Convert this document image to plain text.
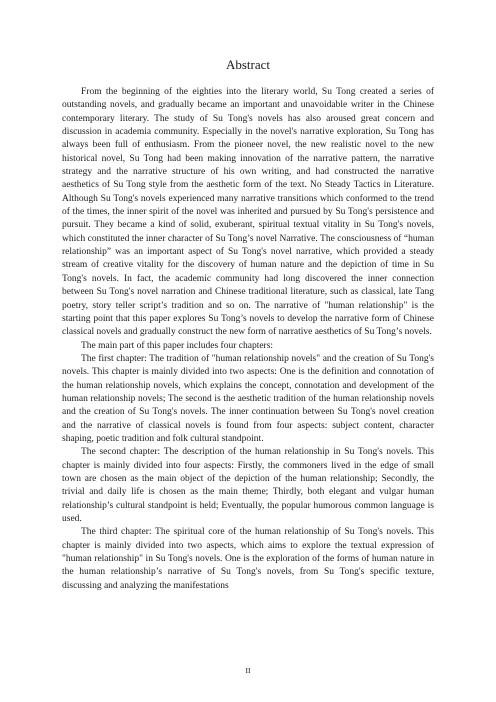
Abstract

From the beginning of the eighties into the literary world, Su Tong created a series of outstanding novels, and gradually became an important and unavoidable writer in the Chinese contemporary literary. The study of Su Tong's novels has also aroused great concern and discussion in academia community. Especially in the novel's narrative exploration, Su Tong has always been full of enthusiasm. From the pioneer novel, the new realistic novel to the new historical novel, Su Tong had been making innovation of the narrative pattern, the narrative strategy and the narrative structure of his own writing, and had constructed the narrative aesthetics of Su Tong style from the aesthetic form of the text. No Steady Tactics in Literature. Although Su Tong's novels experienced many narrative transitions which conformed to the trend of the times, the inner spirit of the novel was inherited and pursued by Su Tong's persistence and pursuit. They became a kind of solid, exuberant, spiritual textual vitality in Su Tong's novels, which constituted the inner character of Su Tong’s novel Narrative. The consciousness of “human relationship” was an important aspect of Su Tong's novel narrative, which provided a steady stream of creative vitality for the discovery of human nature and the depiction of time in Su Tong's novels. In fact, the academic community had long discovered the inner connection between Su Tong's novel narration and Chinese traditional literature, such as classical, late Tang poetry, story teller script’s tradition and so on. The narrative of "human relationship" is the starting point that this paper explores Su Tong’s novels to develop the narrative form of Chinese classical novels and gradually construct the new form of narrative aesthetics of Su Tong’s novels.

The main part of this paper includes four chapters:

The first chapter: The tradition of "human relationship novels" and the creation of Su Tong's novels. This chapter is mainly divided into two aspects: One is the definition and connotation of the human relationship novels, which explains the concept, connotation and development of the human relationship novels; The second is the aesthetic tradition of the human relationship novels and the creation of Su Tong's novels. The inner continuation between Su Tong's novel creation and the narrative of classical novels is found from four aspects: subject content, character shaping, poetic tradition and folk cultural standpoint.

The second chapter: The description of the human relationship in Su Tong's novels. This chapter is mainly divided into four aspects: Firstly, the commoners lived in the edge of small town are chosen as the main object of the depiction of the human relationship; Secondly, the trivial and daily life is chosen as the main theme; Thirdly, both elegant and vulgar human relationship’s cultural standpoint is held; Eventually, the popular humorous common language is used.

The third chapter: The spiritual core of the human relationship of Su Tong's novels. This chapter is mainly divided into two aspects, which aims to explore the textual expression of "human relationship" in Su Tong's novels. One is the exploration of the forms of human nature in the human relationship’s narrative of Su Tong's novels, from Su Tong's specific texture, discussing and analyzing the manifestations

II
